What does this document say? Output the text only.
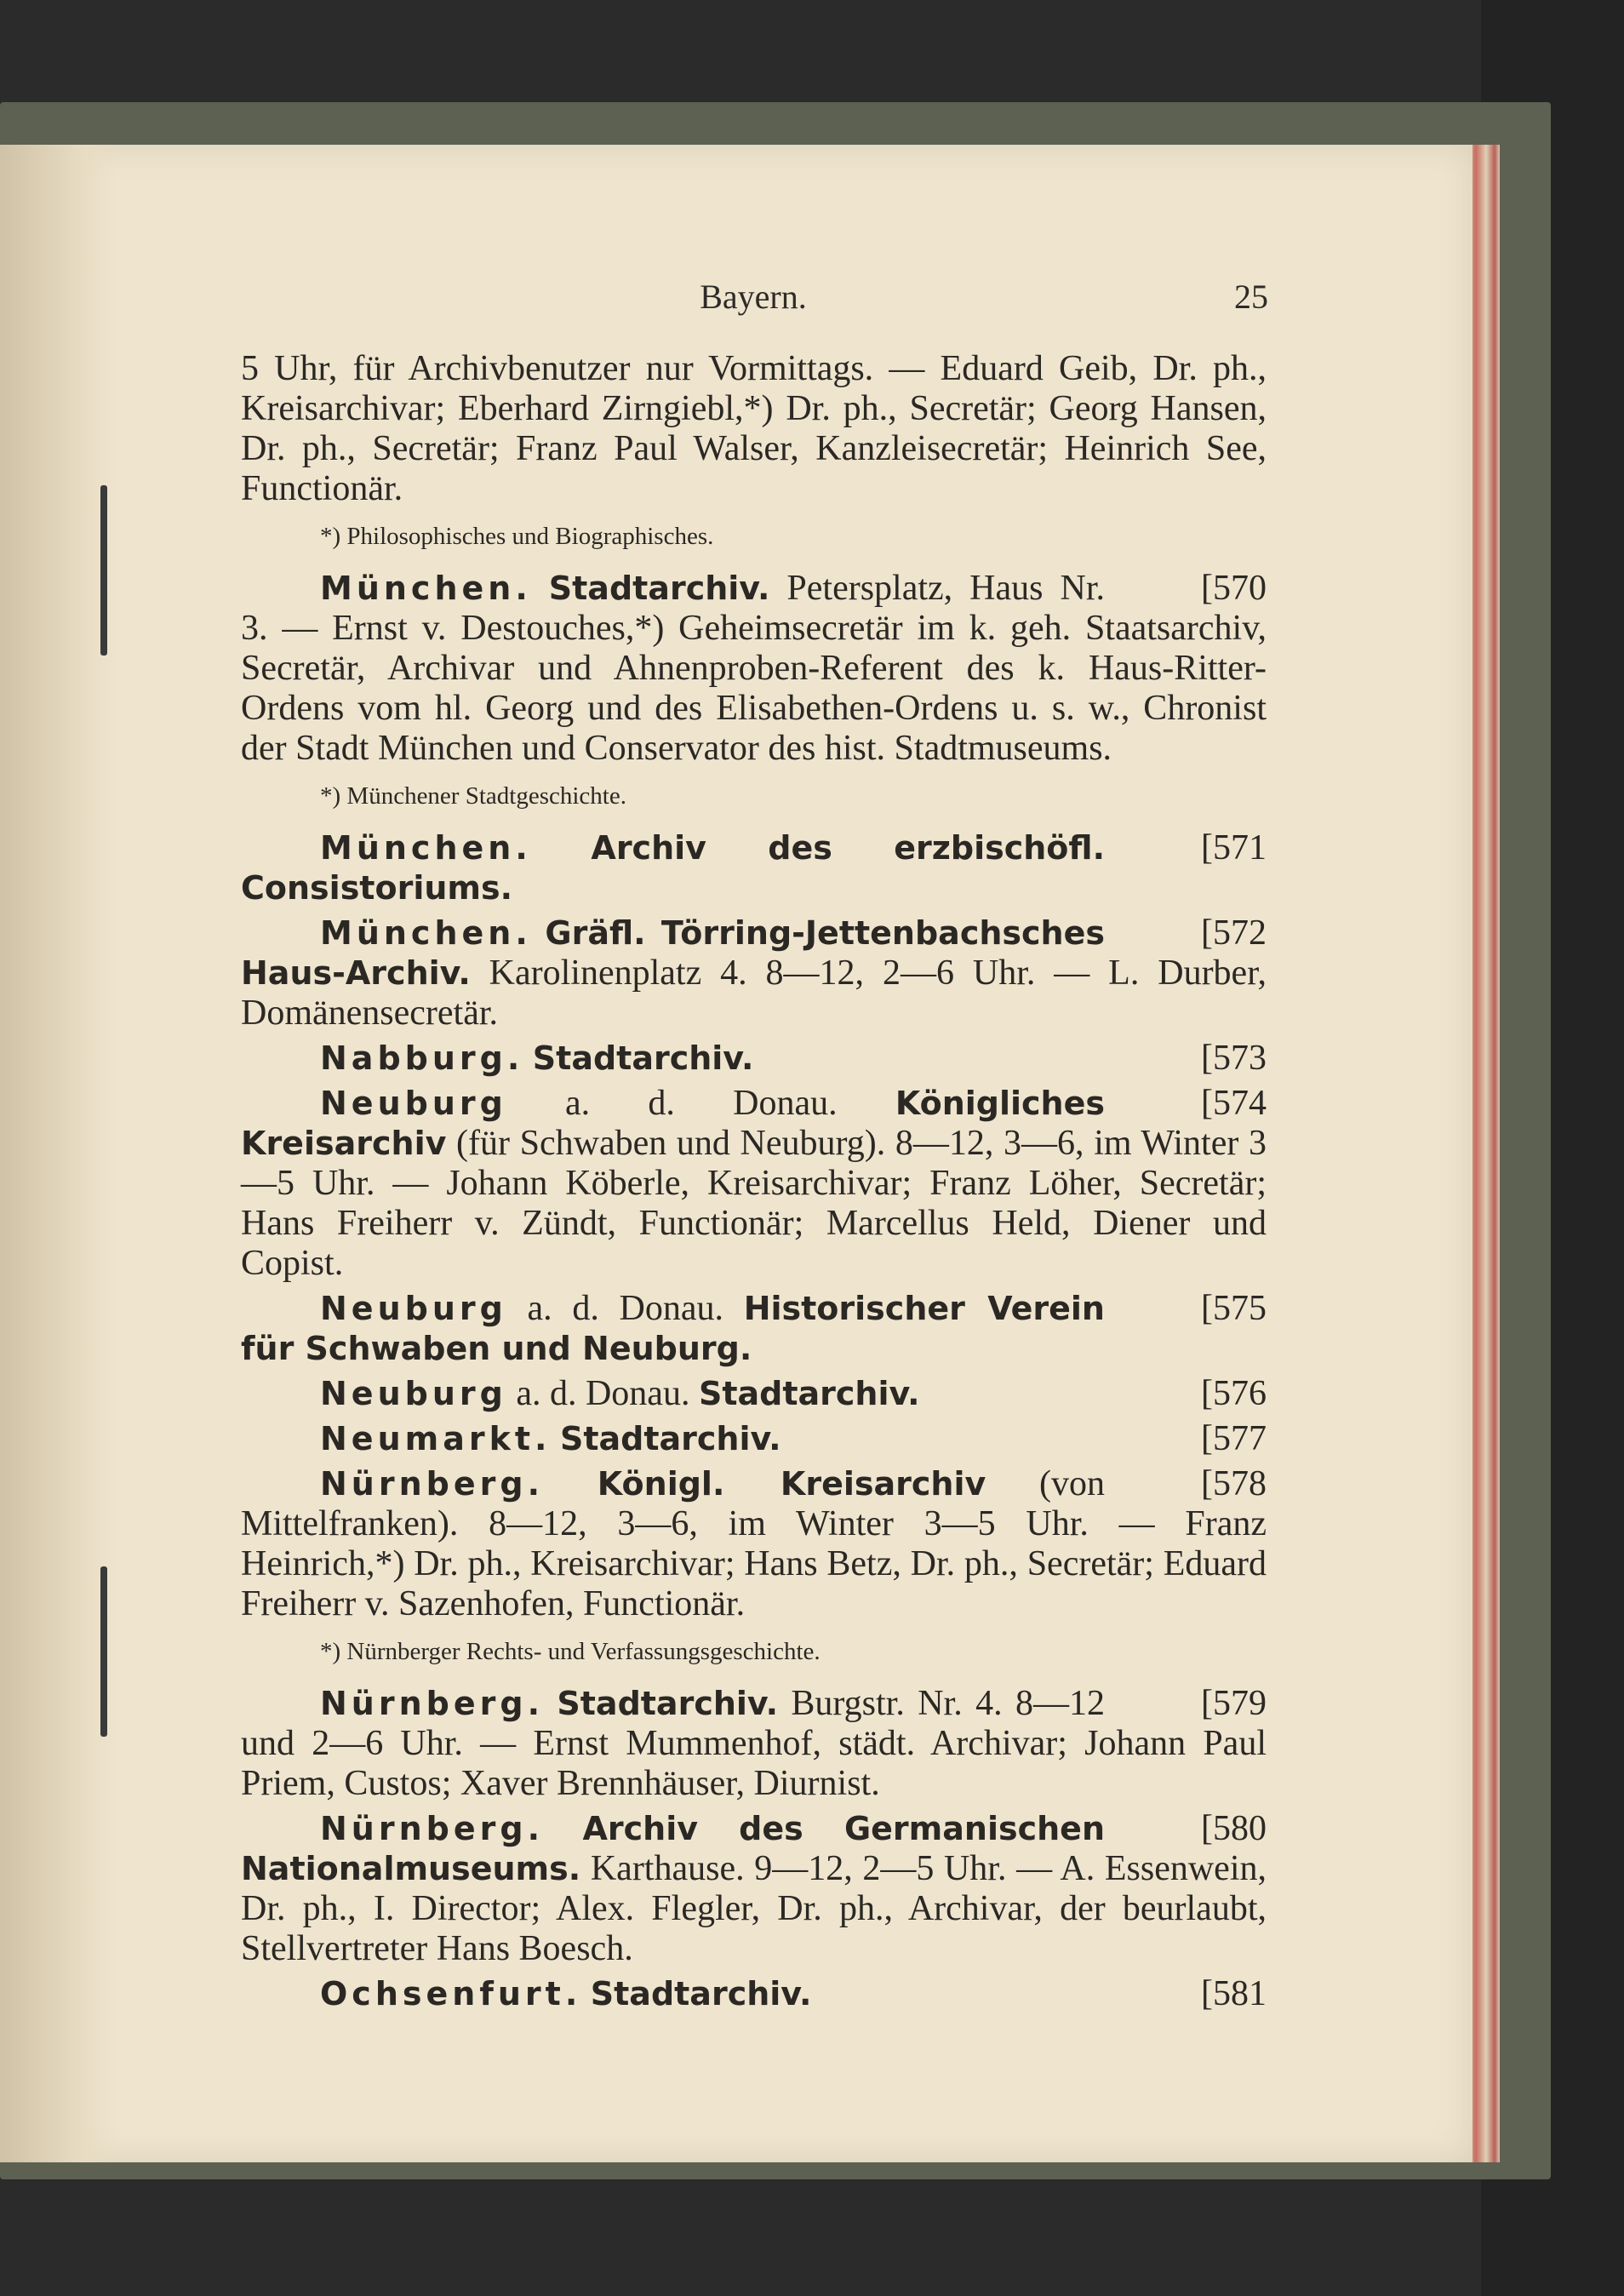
Bayern.	25

5 Uhr, für Archivbenutzer nur Vormittags. — Eduard Geib, Dr. ph., Kreisarchivar; Eberhard Zirngiebl,*) Dr. ph., Secretär; Georg Hansen, Dr. ph., Secretär; Franz Paul Walser, Kanzleisecretär; Heinrich See, Functionär.

*) Philosophisches und Biographisches.

[570
München. Stadtarchiv. Petersplatz, Haus Nr. 3. — Ernst v. Destouches,*) Geheimsecretär im k. geh. Staatsarchiv, Secretär, Archivar und Ahnenproben-Referent des k. Haus-Ritter-Ordens vom hl. Georg und des Elisabethen-Ordens u. s. w., Chronist der Stadt München und Conservator des hist. Stadtmuseums.

*) Münchener Stadtgeschichte.

[571
München. Archiv des erzbischöfl. Consistoriums.

[572
München. Gräfl. Törring-Jettenbachsches Haus-Archiv. Karolinenplatz 4. 8—12, 2—6 Uhr. — L. Durber, Domänensecretär.

[573
Nabburg. Stadtarchiv.

[574
Neuburg a. d. Donau. Königliches Kreisarchiv (für Schwaben und Neuburg). 8—12, 3—6, im Winter 3—5 Uhr. — Johann Köberle, Kreisarchivar; Franz Löher, Secretär; Hans Freiherr v. Zündt, Functionär; Marcellus Held, Diener und Copist.

[575
Neuburg a. d. Donau. Historischer Verein für Schwaben und Neuburg.

[576
Neuburg a. d. Donau. Stadtarchiv.

[577
Neumarkt. Stadtarchiv.

[578
Nürnberg. Königl. Kreisarchiv (von Mittelfranken). 8—12, 3—6, im Winter 3—5 Uhr. — Franz Heinrich,*) Dr. ph., Kreisarchivar; Hans Betz, Dr. ph., Secretär; Eduard Freiherr v. Sazenhofen, Functionär.

*) Nürnberger Rechts- und Verfassungsgeschichte.

[579
Nürnberg. Stadtarchiv. Burgstr. Nr. 4. 8—12 und 2—6 Uhr. — Ernst Mummenhof, städt. Archivar; Johann Paul Priem, Custos; Xaver Brennhäuser, Diurnist.

[580
Nürnberg. Archiv des Germanischen Nationalmuseums. Karthause. 9—12, 2—5 Uhr. — A. Essenwein, Dr. ph., I. Director; Alex. Flegler, Dr. ph., Archivar, der beurlaubt, Stellvertreter Hans Boesch.

[581
Ochsenfurt. Stadtarchiv.
